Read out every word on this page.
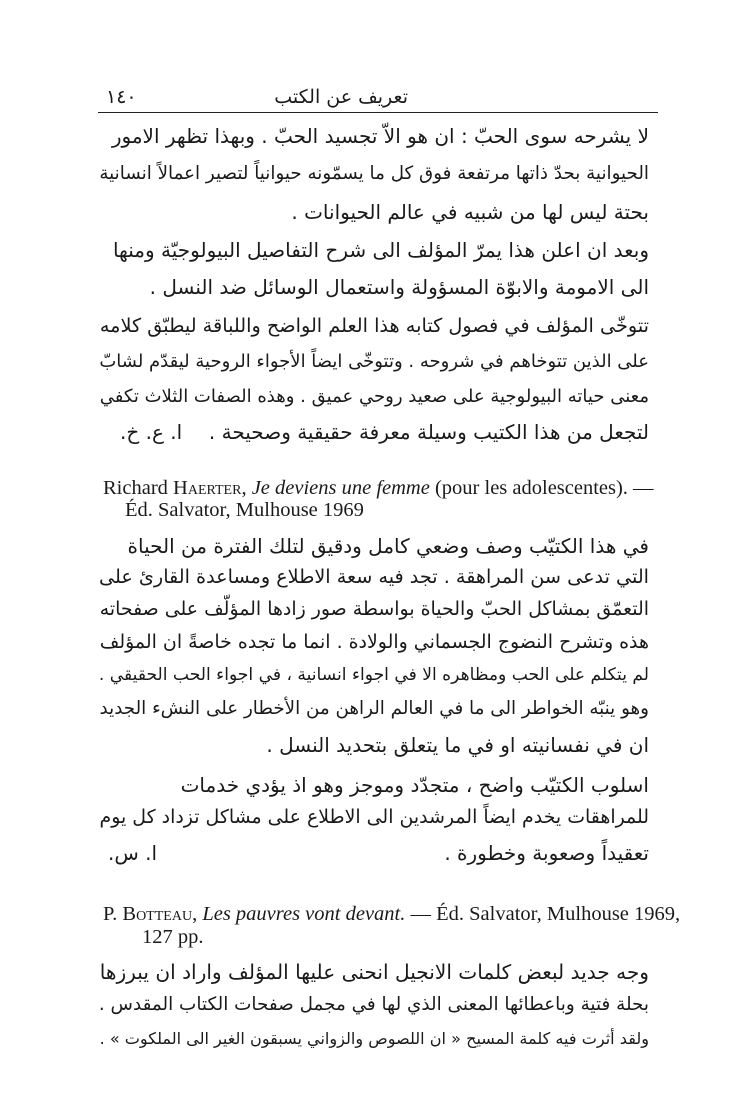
١٤٠	تعريف عن الكتب
لا يشرحه سوى الحبّ : ان هو الاّ تجسيد الحبّ . وبهذا تظهر الامور
الحيوانية بحدّ ذاتها مرتفعة فوق كل ما يسمّونه حيوانياً لتصير اعمالاً انسانية
بحتة ليس لها من شبيه في عالم الحيوانات .
وبعد ان اعلن هذا يمرّ المؤلف الى شرح التفاصيل البيولوجيّة ومنها
الى الامومة والابوّة المسؤولة واستعمال الوسائل ضد النسل .
تتوخّى المؤلف في فصول كتابه هذا العلم الواضح واللباقة ليطبّق كلامه
على الذين تتوخاهم في شروحه . وتتوخّى ايضاً الأجواء الروحية ليقدّم لشابّ
معنى حياته البيولوجية على صعيد روحي عميق . وهذه الصفات الثلاث تكفي
لتجعل من هذا الكتيب وسيلة معرفة حقيقية وصحيحة .
ا. ع. خ.
Richard Haerter, Je deviens une femme (pour les adolescentes). —
Éd. Salvator, Mulhouse 1969
في هذا الكتيّب وصف وضعي كامل ودقيق لتلك الفترة من الحياة
التي تدعى سن المراهقة . تجد فيه سعة الاطلاع ومساعدة القارئ على
التعمّق بمشاكل الحبّ والحياة بواسطة صور زادها المؤلّف على صفحاته
هذه وتشرح النضوج الجسماني والولادة . انما ما تجده خاصةً ان المؤلف
لم يتكلم على الحب ومظاهره الا في اجواء انسانية ، في اجواء الحب الحقيقي .
وهو ينبّه الخواطر الى ما في العالم الراهن من الأخطار على النشء الجديد
ان في نفسانيته او في ما يتعلق بتحديد النسل .
اسلوب الكتيّب واضح ، متجدّد وموجز وهو اذ يؤدي خدمات
للمراهقات يخدم ايضاً المرشدين الى الاطلاع على مشاكل تزداد كل يوم
تعقيداً وصعوبة وخطورة .
ا. س.
P. Botteau, Les pauvres vont devant. — Éd. Salvator, Mulhouse 1969,
127 pp.
وجه جديد لبعض كلمات الانجيل انحنى عليها المؤلف واراد ان يبرزها
بحلة فتية وباعطائها المعنى الذي لها في مجمل صفحات الكتاب المقدس .
ولقد أثرت فيه كلمة المسيح « ان اللصوص والزواني يسبقون الغير الى الملكوت » .
